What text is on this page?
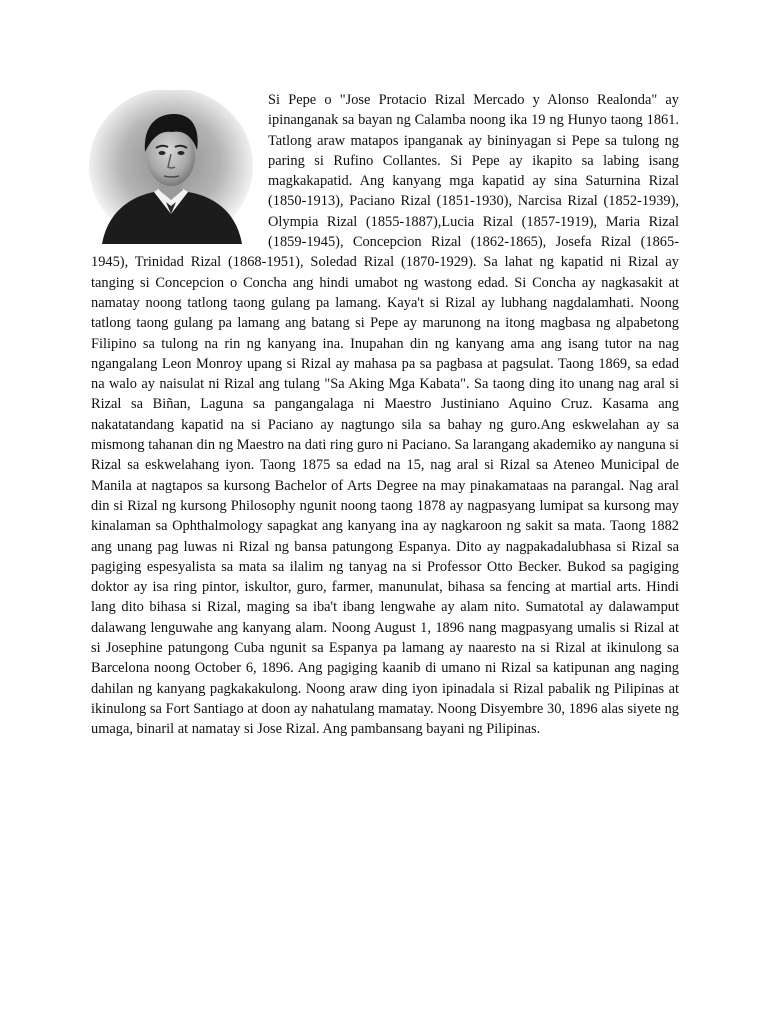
Si Pepe o "Jose Protacio Rizal Mercado y Alonso Realonda" ay ipinanganak sa bayan ng Calamba noong ika 19 ng Hunyo taong 1861. Tatlong araw matapos ipanganak ay bininyagan si Pepe sa tulong ng paring si Rufino Collantes. Si Pepe ay ikapito sa labing isang magkakapatid. Ang kanyang mga kapatid ay sina Saturnina Rizal (1850-1913), Paciano Rizal (1851-1930), Narcisa Rizal (1852-1939), Olympia Rizal (1855-1887),Lucia Rizal (1857-1919), Maria Rizal (1859-1945), Concepcion Rizal (1862-1865), Josefa Rizal (1865-1945), Trinidad Rizal (1868-1951), Soledad Rizal (1870-1929). Sa lahat ng kapatid ni Rizal ay tanging si Concepcion o Concha ang hindi umabot ng wastong edad. Si Concha ay nagkasakit at namatay noong tatlong taong gulang pa lamang. Kaya't si Rizal ay lubhang nagdalamhati. Noong tatlong taong gulang pa lamang ang batang si Pepe ay marunong na itong magbasa ng alpabetong Filipino sa tulong na rin ng kanyang ina. Inupahan din ng kanyang ama ang isang tutor na nag ngangalang Leon Monroy upang si Rizal ay mahasa pa sa pagbasa at pagsulat. Taong 1869, sa edad na walo ay naisulat ni Rizal ang tulang "Sa Aking Mga Kabata". Sa taong ding ito unang nag aral si Rizal sa Biñan, Laguna sa pangangalaga ni Maestro Justiniano Aquino Cruz. Kasama ang nakatatandang kapatid na si Paciano ay nagtungo sila sa bahay ng guro.Ang eskwelahan ay sa mismong tahanan din ng Maestro na dati ring guro ni Paciano. Sa larangang akademiko ay nanguna si Rizal sa eskwelahang iyon. Taong 1875 sa edad na 15, nag aral si Rizal sa Ateneo Municipal de Manila at nagtapos sa kursong Bachelor of Arts Degree na may pinakamataas na parangal. Nag aral din si Rizal ng kursong Philosophy ngunit noong taong 1878 ay nagpasyang lumipat sa kursong may kinalaman sa Ophthalmology sapagkat ang kanyang ina ay nagkaroon ng sakit sa mata. Taong 1882 ang unang pag luwas ni Rizal ng bansa patungong Espanya. Dito ay nagpakadalubhasa si Rizal sa pagiging espesyalista sa mata sa ilalim ng tanyag na si Professor Otto Becker. Bukod sa pagiging doktor ay isa ring pintor, iskultor, guro, farmer, manunulat, bihasa sa fencing at martial arts. Hindi lang dito bihasa si Rizal, maging sa iba't ibang lengwahe ay alam nito. Sumatotal ay dalawamput dalawang lenguwahe ang kanyang alam. Noong August 1, 1896 nang magpasyang umalis si Rizal at si Josephine patungong Cuba ngunit sa Espanya pa lamang ay naaresto na si Rizal at ikinulong sa Barcelona noong October 6, 1896. Ang pagiging kaanib di umano ni Rizal sa katipunan ang naging dahilan ng kanyang pagkakakulong. Noong araw ding iyon ipinadala si Rizal pabalik ng Pilipinas at ikinulong sa Fort Santiago at doon ay nahatulang mamatay. Noong Disyembre 30, 1896 alas siyete ng umaga, binaril at namatay si Jose Rizal. Ang pambansang bayani ng Pilipinas.
